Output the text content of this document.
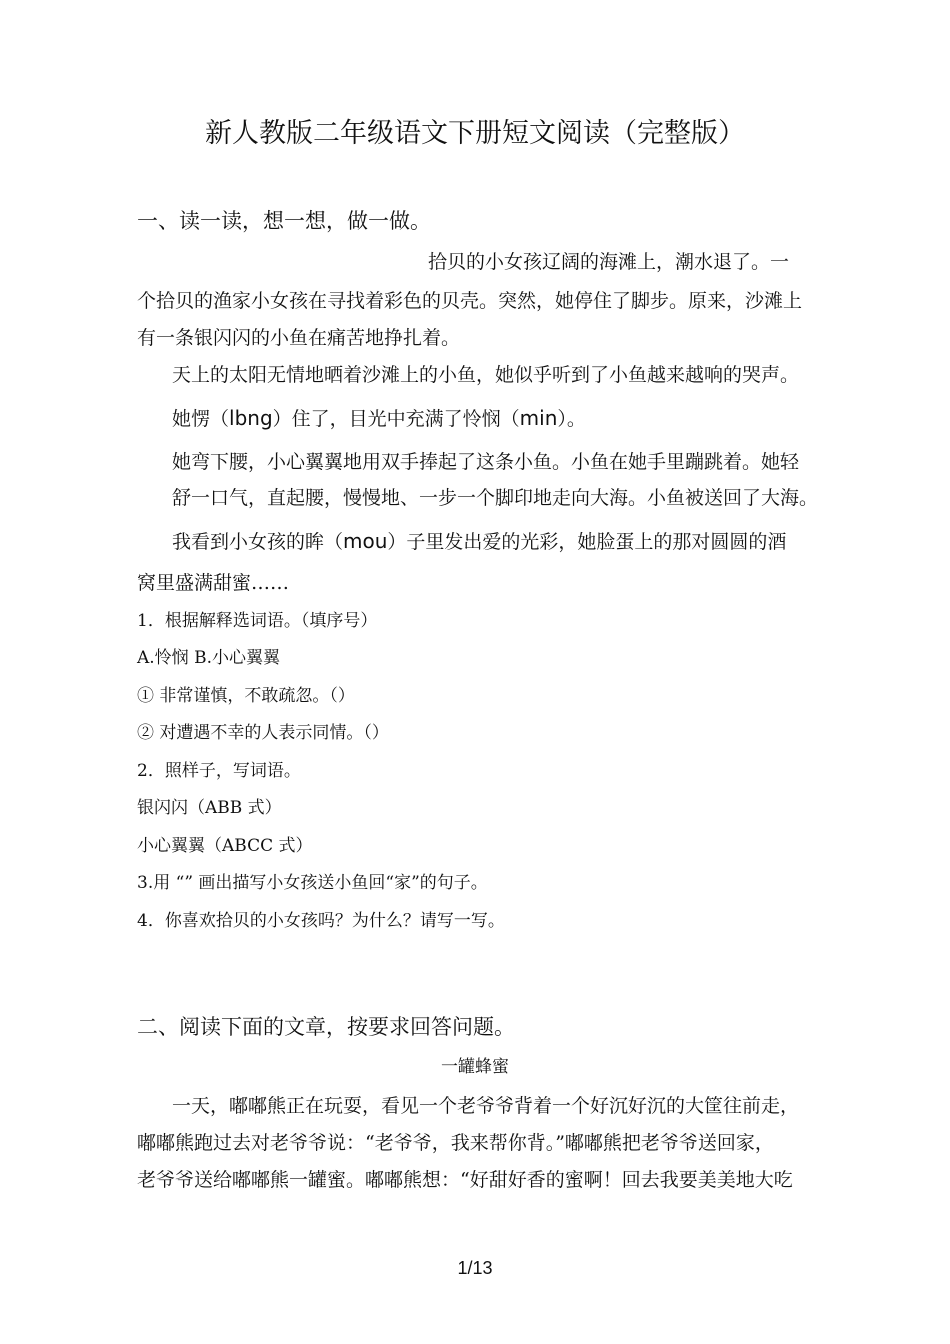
新人教版二年级语文下册短文阅读（完整版）
一、读一读，想一想，做一做。
拾贝的小女孩辽阔的海滩上，潮水退了。一
个拾贝的渔家小女孩在寻找着彩色的贝壳。突然，她停住了脚步。原来，沙滩上
有一条银闪闪的小鱼在痛苦地挣扎着。
天上的太阳无情地晒着沙滩上的小鱼，她似乎听到了小鱼越来越响的哭声。
她愣（lbng）住了，目光中充满了怜悯（min）。
她弯下腰，小心翼翼地用双手捧起了这条小鱼。小鱼在她手里蹦跳着。她轻
舒一口气，直起腰，慢慢地、一步一个脚印地走向大海。小鱼被送回了大海。
我看到小女孩的眸（mou）子里发出爱的光彩，她脸蛋上的那对圆圆的酒
窝里盛满甜蜜……
1．根据解释选词语。（填序号）
A.怜悯 B.小心翼翼
① 非常谨慎，不敢疏忽。（）
② 对遭遇不幸的人表示同情。（）
2．照样子，写词语。
银闪闪（ABB 式）
小心翼翼（ABCC 式）
3.用 “” 画出描写小女孩送小鱼回“家”的句子。
4．你喜欢拾贝的小女孩吗？为什么？请写一写。
二、阅读下面的文章，按要求回答问题。
一罐蜂蜜
一天，嘟嘟熊正在玩耍，看见一个老爷爷背着一个好沉好沉的大筐往前走，
嘟嘟熊跑过去对老爷爷说：“老爷爷，我来帮你背。”嘟嘟熊把老爷爷送回家，
老爷爷送给嘟嘟熊一罐蜜。嘟嘟熊想：“好甜好香的蜜啊！回去我要美美地大吃
1/13
